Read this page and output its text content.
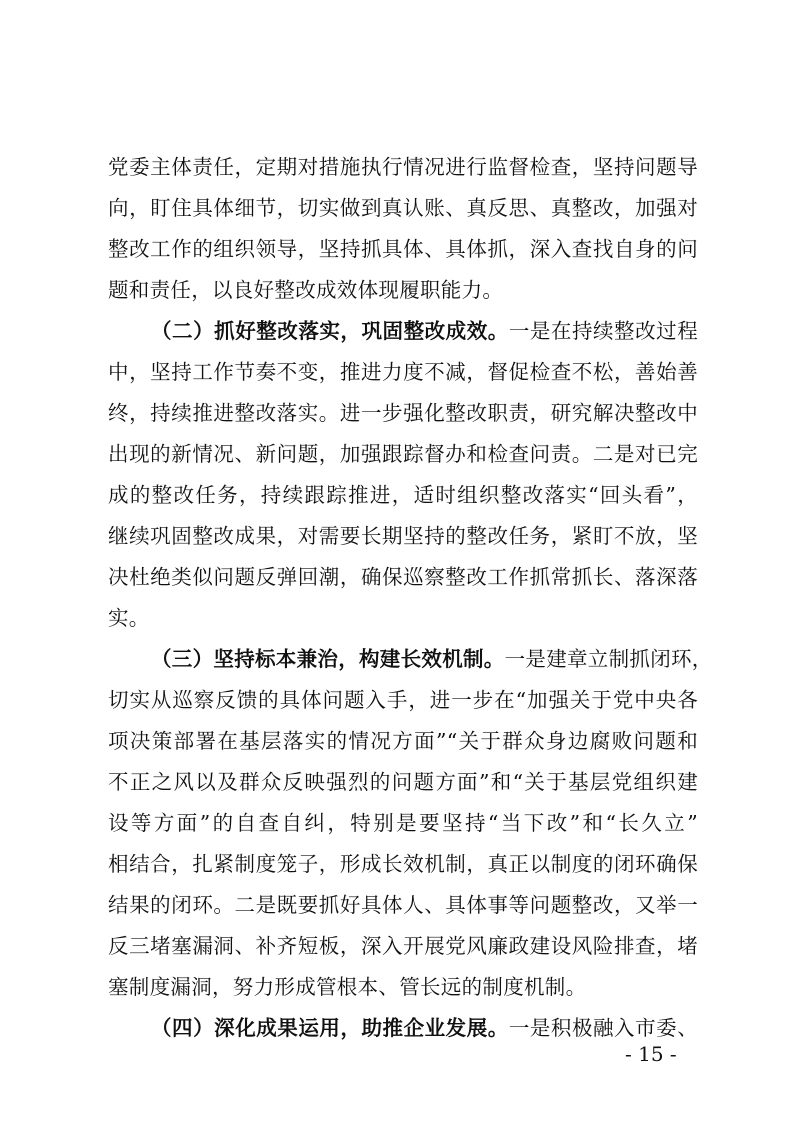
党委主体责任，定期对措施执行情况进行监督检查，坚持问题导
向，盯住具体细节，切实做到真认账、真反思、真整改，加强对
整改工作的组织领导，坚持抓具体、具体抓，深入查找自身的问
题和责任，以良好整改成效体现履职能力。
（二）抓好整改落实，巩固整改成效。一是在持续整改过程
中，坚持工作节奏不变，推进力度不减，督促检查不松，善始善
终，持续推进整改落实。进一步强化整改职责，研究解决整改中
出现的新情况、新问题，加强跟踪督办和检查问责。二是对已完
成的整改任务，持续跟踪推进，适时组织整改落实“回头看”，
继续巩固整改成果，对需要长期坚持的整改任务，紧盯不放，坚
决杜绝类似问题反弹回潮，确保巡察整改工作抓常抓长、落深落
实。
（三）坚持标本兼治，构建长效机制。一是建章立制抓闭环，
切实从巡察反馈的具体问题入手，进一步在“加强关于党中央各
项决策部署在基层落实的情况方面”“关于群众身边腐败问题和
不正之风以及群众反映强烈的问题方面”和“关于基层党组织建
设等方面”的自查自纠，特别是要坚持“当下改”和“长久立”
相结合，扎紧制度笼子，形成长效机制，真正以制度的闭环确保
结果的闭环。二是既要抓好具体人、具体事等问题整改，又举一
反三堵塞漏洞、补齐短板，深入开展党风廉政建设风险排查，堵
塞制度漏洞，努力形成管根本、管长远的制度机制。
（四）深化成果运用，助推企业发展。一是积极融入市委、
- 15 -
